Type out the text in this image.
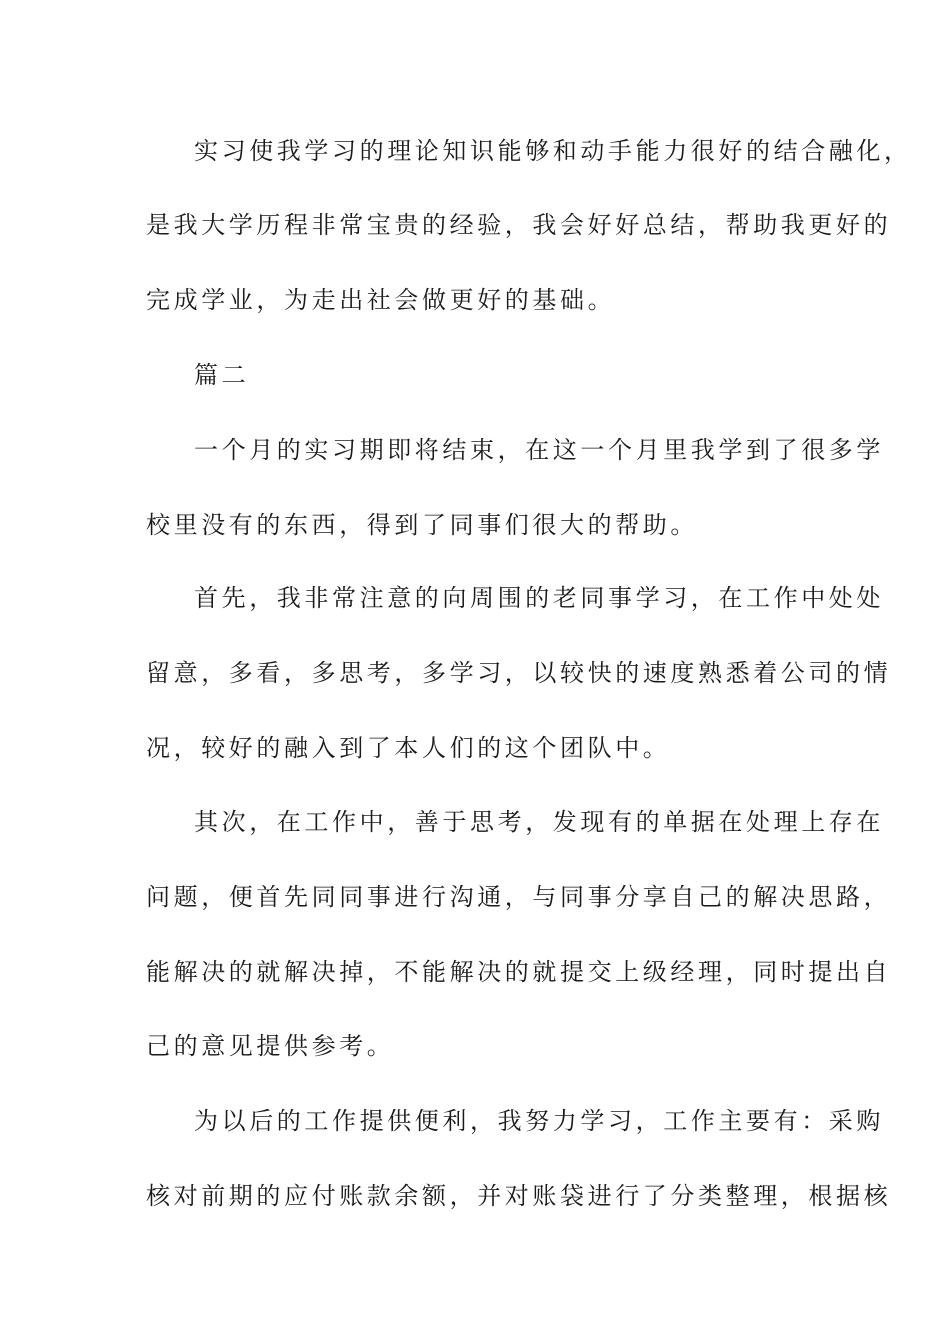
实习使我学习的理论知识能够和动手能力很好的结合融化，
是我大学历程非常宝贵的经验，我会好好总结，帮助我更好的
完成学业，为走出社会做更好的基础。
篇二
一个月的实习期即将结束，在这一个月里我学到了很多学
校里没有的东西，得到了同事们很大的帮助。
首先，我非常注意的向周围的老同事学习，在工作中处处
留意，多看，多思考，多学习，以较快的速度熟悉着公司的情
况，较好的融入到了本人们的这个团队中。
其次，在工作中，善于思考，发现有的单据在处理上存在
问题，便首先同同事进行沟通，与同事分享自己的解决思路，
能解决的就解决掉，不能解决的就提交上级经理，同时提出自
己的意见提供参考。
为以后的工作提供便利，我努力学习，工作主要有：采购
核对前期的应付账款余额，并对账袋进行了分类整理，根据核
